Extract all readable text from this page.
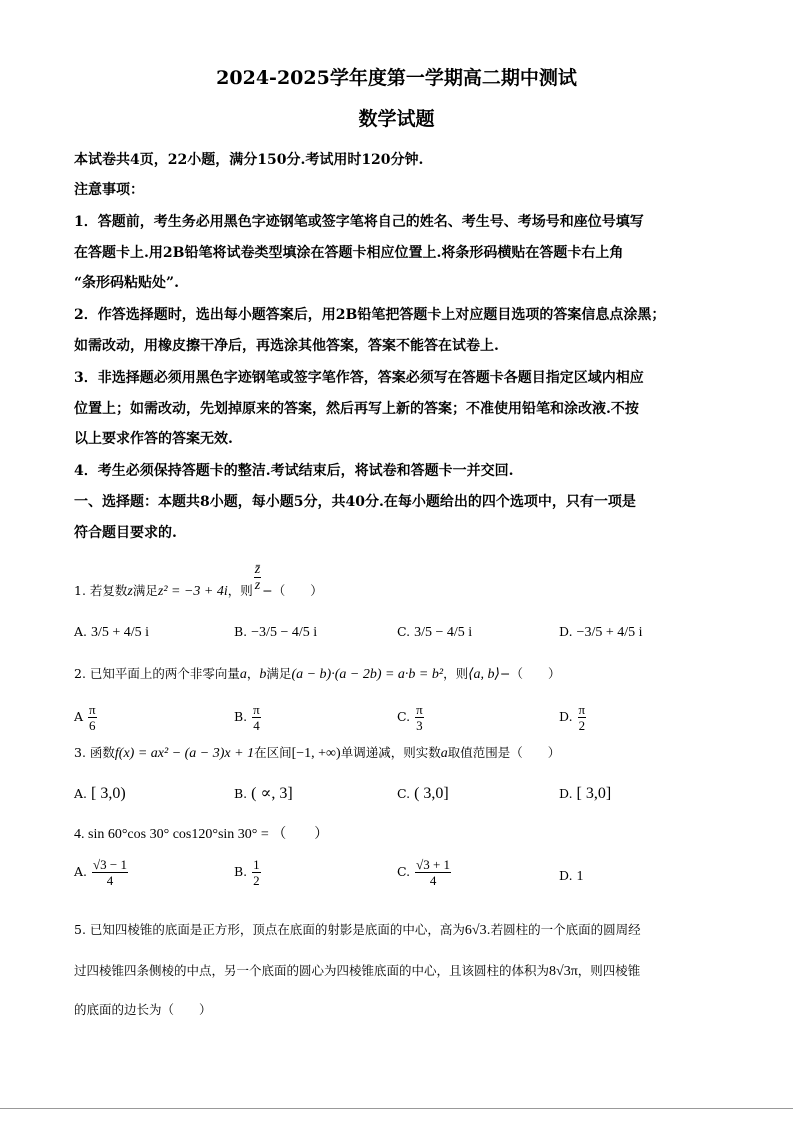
2024-2025学年度第一学期高二期中测试
数学试题
本试卷共4页，22小题，满分150分.考试用时120分钟.
注意事项：
1．答题前，考生务必用黑色字迹钢笔或签字笔将自己的姓名、考生号、考场号和座位号填写
在答题卡上.用2B铅笔将试卷类型填涂在答题卡相应位置上.将条形码横贴在答题卡右上角
“条形码粘贴处”.
2．作答选择题时，选出每小题答案后，用2B铅笔把答题卡上对应题目选项的答案信息点涂黑；
如需改动，用橡皮擦干净后，再选涂其他答案，答案不能答在试卷上.
3．非选择题必须用黑色字迹钢笔或签字笔作答，答案必须写在答题卡各题目指定区域内相应
位置上；如需改动，先划掉原来的答案，然后再写上新的答案；不准使用铅笔和涂改液.不按
以上要求作答的答案无效.
4．考生必须保持答题卡的整洁.考试结束后，将试卷和答题卡一并交回.
一、选择题：本题共8小题，每小题5分，共40分.在每小题给出的四个选项中，只有一项是
符合题目要求的.
1. 若复数z满足z² = −3 + 4i，则 $\frac{z̄}{z}$ −（　　）
A. 3/5 + 4/5 i	B. −3/5 − 4/5 i	C. 3/5 − 4/5 i	D. −3/5 + 4/5 i
2. 已知平面上的两个非零向量a，b满足(a − b)·(a − 2b) = a·b = b²，则⟨a, b⟩−（　　）
A $\frac{\pi}{6}$	B. $\frac{\pi}{4}$	C. $\frac{\pi}{3}$	D. $\frac{\pi}{2}$
3. 函数f(x) = ax² − (a − 3)x + 1在区间[−1, +∞)单调递减，则实数a取值范围是（　　）
A. [ 3,0)	B. ( ∝, 3]	C. ( 3,0]	D. [ 3,0]
4. sin 60°cos 30° cos120°sin 30° = （　　）
A. $\frac{√3 - 1}{4}$	B. $\frac{1}{2}$	C. $\frac{√3 + 1}{4}$	D. 1
5. 已知四棱锥的底面是正方形，顶点在底面的射影是底面的中心，高为6√3.若圆柱的一个底面的圆周经
过四棱锥四条侧棱的中点，另一个底面的圆心为四棱锥底面的中心，且该圆柱的体积为8√3π，则四棱锥
的底面的边长为（　　）
